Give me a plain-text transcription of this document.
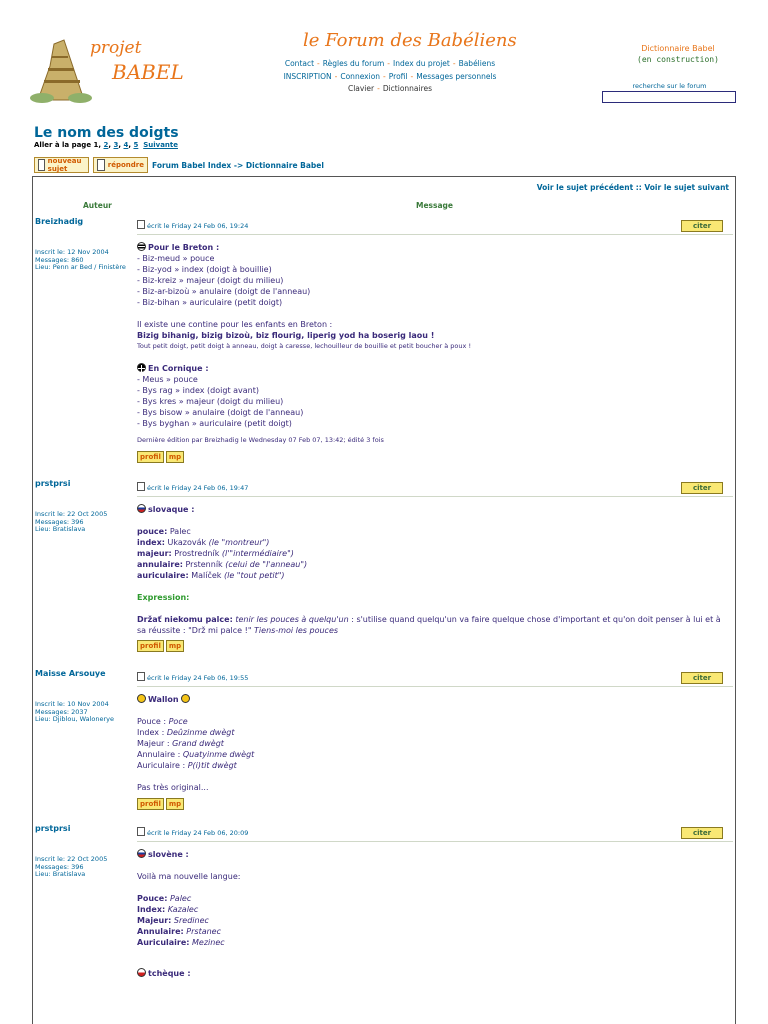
projet
BABEL
le Forum des Babéliens
Contact - Règles du forum - Index du projet - Babéliens
INSCRIPTION - Connexion - Profil - Messages personnels
Clavier - Dictionnaires
Dictionnaire Babel
(en construction)
recherche sur le forum
Le nom des doigts
Aller à la page 1, 2, 3, 4, 5 Suivante
nouveau sujet	répondre Forum Babel Index -> Dictionnaire Babel
Voir le sujet précédent :: Voir le sujet suivant
Auteur	Message
Breizhadig
Inscrit le: 12 Nov 2004
Messages: 860
Lieu: Penn ar Bed / Finistère
écrit le Friday 24 Feb 06, 19:24	citer
Pour le Breton :
- Biz-meud » pouce
- Biz-yod » index (doigt à bouillie)
- Biz-kreiz » majeur (doigt du milieu)
- Biz-ar-bizoù » anulaire (doigt de l'anneau)
- Biz-bihan » auriculaire (petit doigt)
Il existe une contine pour les enfants en Breton :
Bizig bihanig, bizig bizoù, biz flourig, liperig yod ha boserig laou !
Tout petit doigt, petit doigt à anneau, doigt à caresse, lechouilleur de bouillie et petit boucher à poux !
En Cornique :
- Meus » pouce
- Bys rag » index (doigt avant)
- Bys kres » majeur (doigt du milieu)
- Bys bisow » anulaire (doigt de l'anneau)
- Bys byghan » auriculaire (petit doigt)
Dernière édition par Breizhadig le Wednesday 07 Feb 07, 13:42; édité 3 fois
profil mp
prstprsi
Inscrit le: 22 Oct 2005
Messages: 396
Lieu: Bratislava
écrit le Friday 24 Feb 06, 19:47	citer
slovaque :
pouce: Palec
index: Ukazovák (le "montreur")
majeur: Prostredník (l'"intermédiaire")
annulaire: Prstenník (celui de "l'anneau")
auriculaire: Malíček (le "tout petit")
Expression:
Držať niekomu palce: tenir les pouces à quelqu'un : s'utilise quand quelqu'un va faire quelque chose d'important et qu'on doit penser à lui et à sa réussite : "Drž mi palce !" Tiens-moi les pouces
profil mp
Maisse Arsouye
Inscrit le: 10 Nov 2004
Messages: 2037
Lieu: Djiblou, Walonerye
écrit le Friday 24 Feb 06, 19:55	citer
Wallon
Pouce : Poce
Index : Deûzinme dwègt
Majeur : Grand dwègt
Annulaire : Quatyinme dwègt
Auriculaire : P(i)tit dwègt
Pas très original...
profil mp
prstprsi
Inscrit le: 22 Oct 2005
Messages: 396
Lieu: Bratislava
écrit le Friday 24 Feb 06, 20:09	citer
slovène :
Voilà ma nouvelle langue:
Pouce: Palec
Index: Kazalec
Majeur: Sredinec
Annulaire: Prstanec
Auriculaire: Mezinec
tchèque :
